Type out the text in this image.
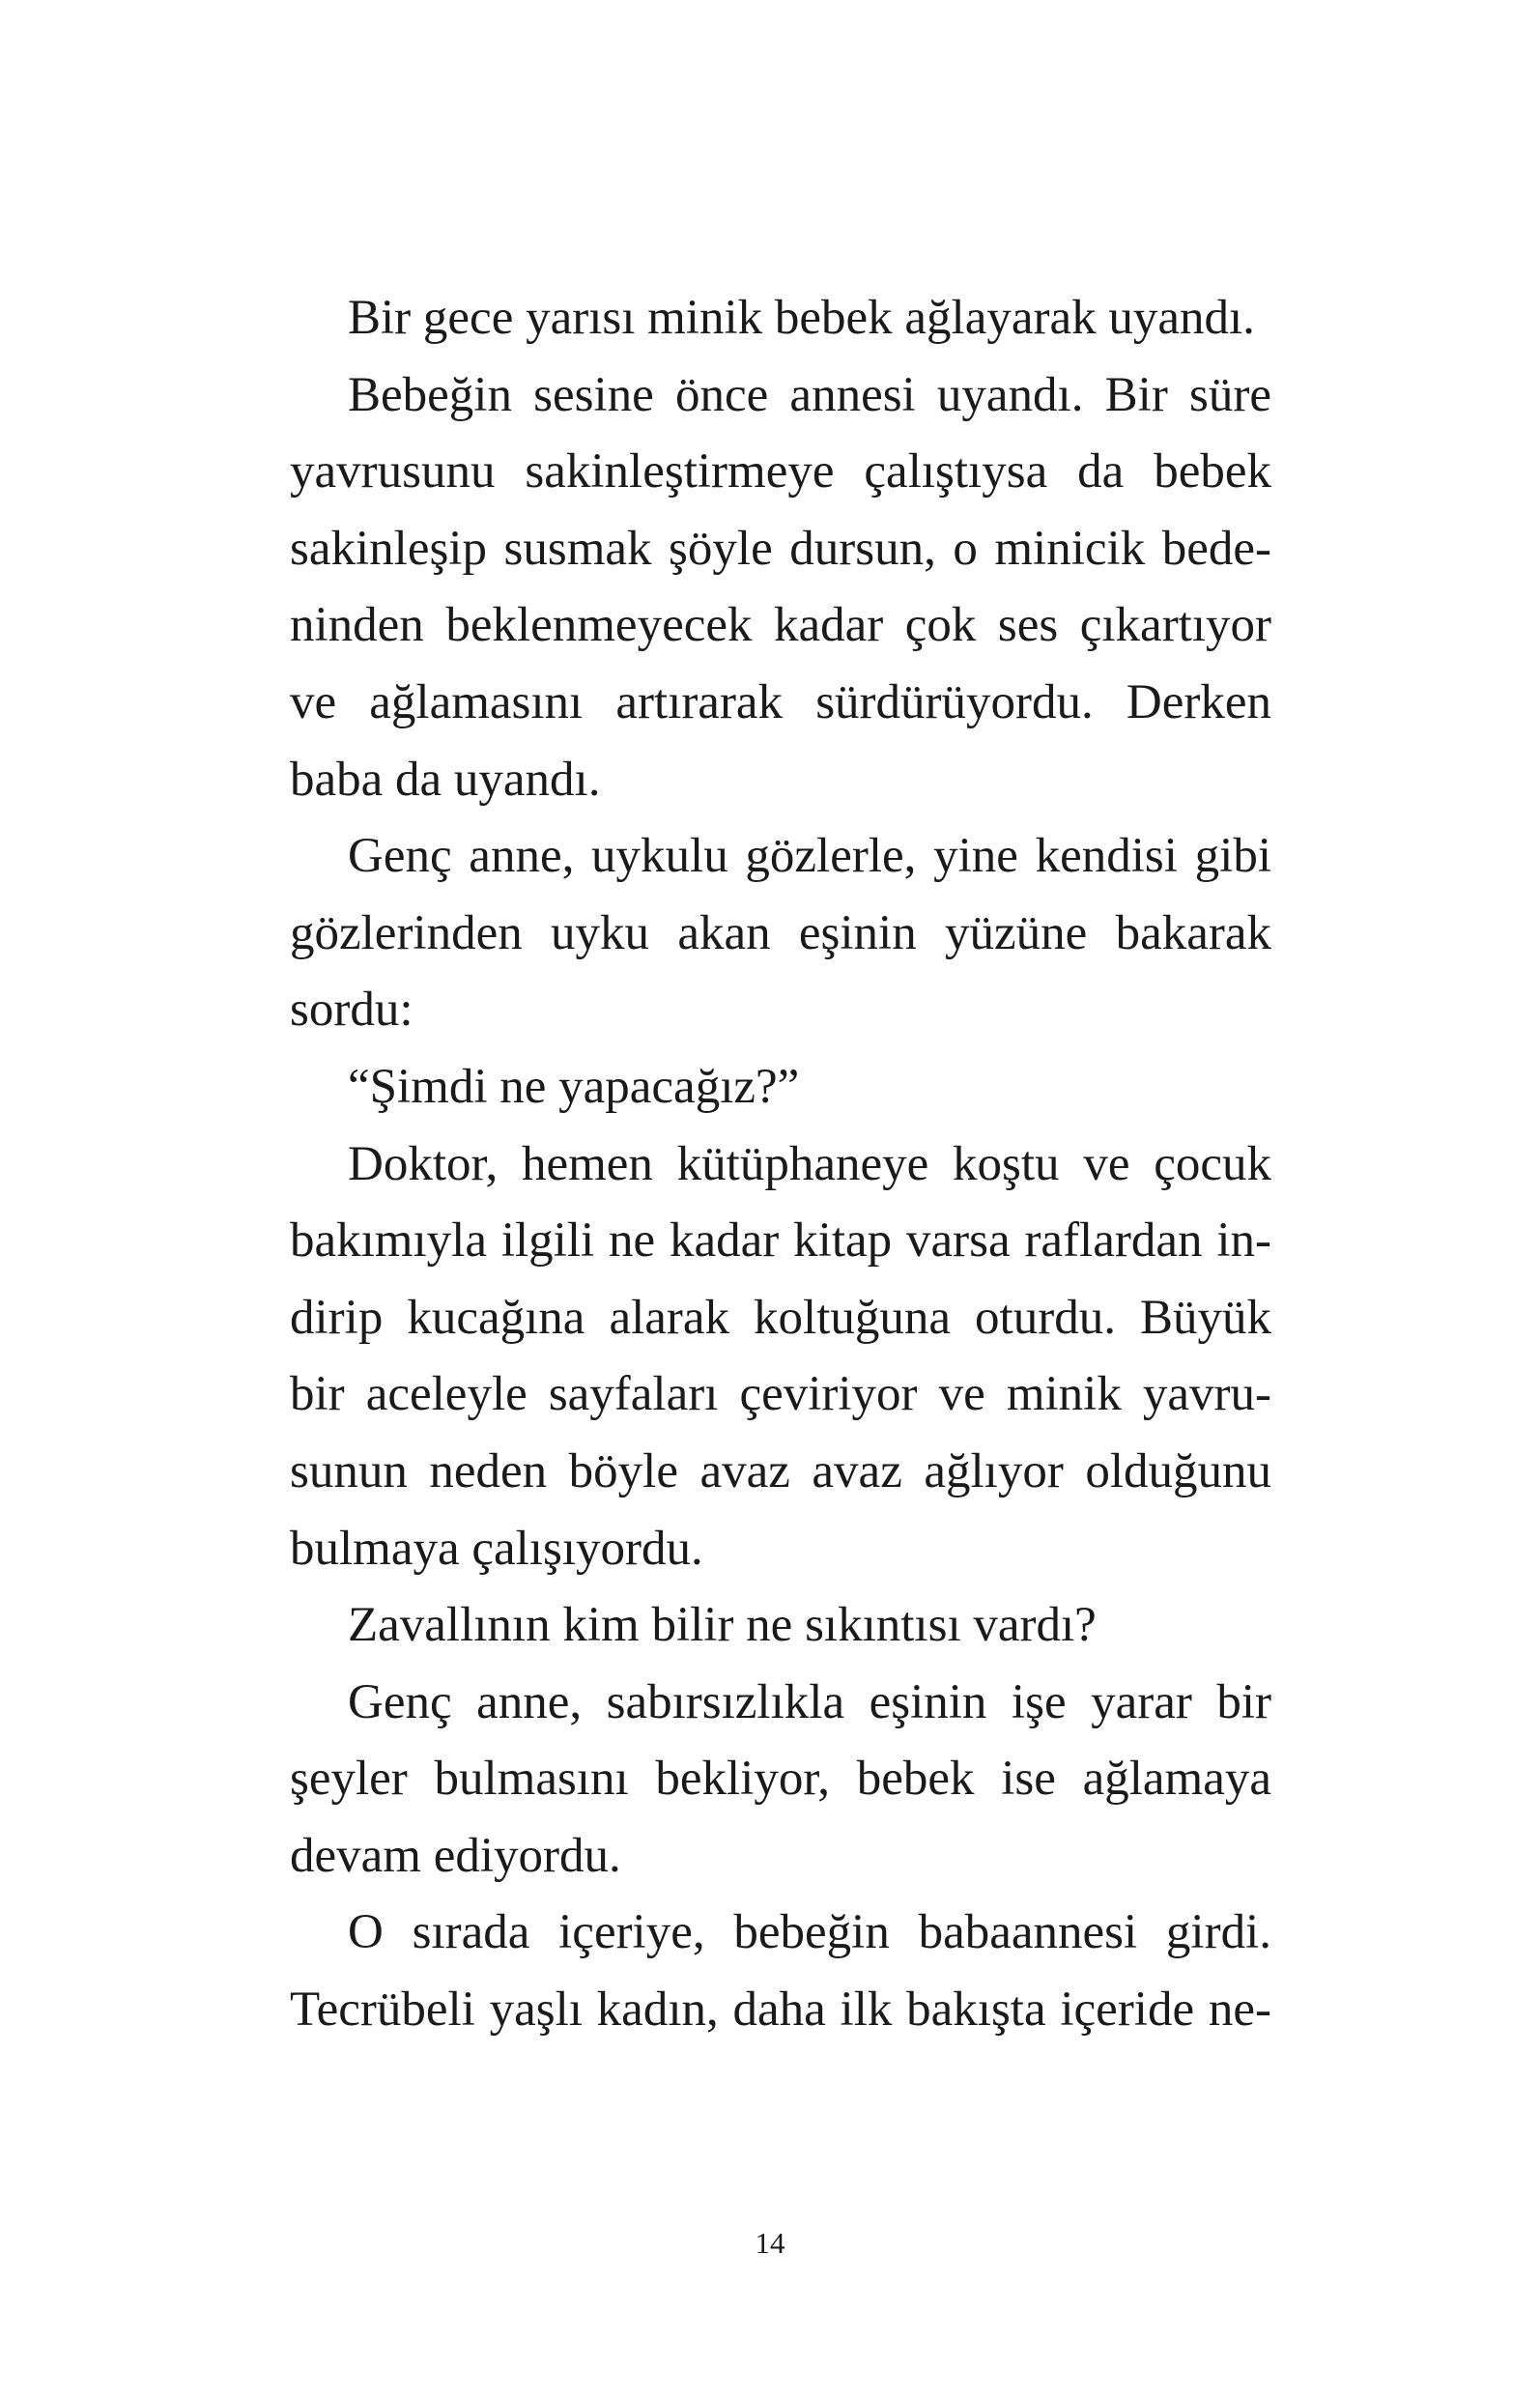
Bir gece yarısı minik bebek ağlayarak uyandı.
Bebeğin sesine önce annesi uyandı. Bir süre
yavrusunu sakinleştirmeye çalıştıysa da bebek
sakinleşip susmak şöyle dursun, o minicik bede-
ninden beklenmeyecek kadar çok ses çıkartıyor
ve ağlamasını artırarak sürdürüyordu. Derken
baba da uyandı.
Genç anne, uykulu gözlerle, yine kendisi gibi
gözlerinden uyku akan eşinin yüzüne bakarak
sordu:
“Şimdi ne yapacağız?”
Doktor, hemen kütüphaneye koştu ve çocuk
bakımıyla ilgili ne kadar kitap varsa raflardan in-
dirip kucağına alarak koltuğuna oturdu. Büyük
bir aceleyle sayfaları çeviriyor ve minik yavru-
sunun neden böyle avaz avaz ağlıyor olduğunu
bulmaya çalışıyordu.
Zavallının kim bilir ne sıkıntısı vardı?
Genç anne, sabırsızlıkla eşinin işe yarar bir
şeyler bulmasını bekliyor, bebek ise ağlamaya
devam ediyordu.
O sırada içeriye, bebeğin babaannesi girdi.
Tecrübeli yaşlı kadın, daha ilk bakışta içeride ne-
14
